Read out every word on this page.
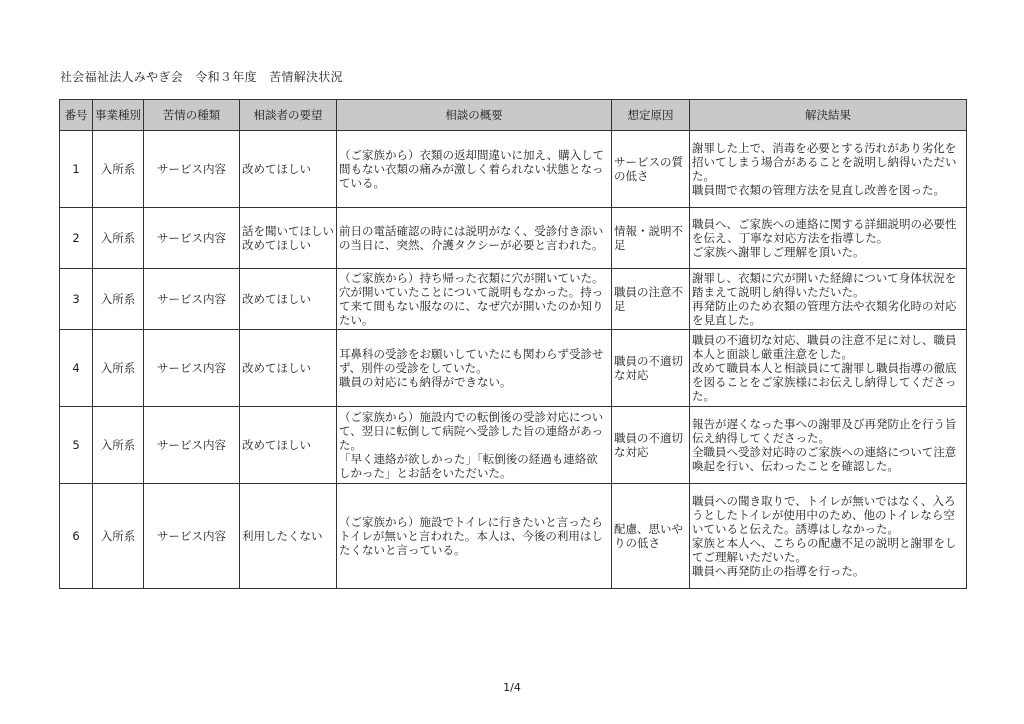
社会福祉法人みやぎ会　令和３年度　苦情解決状況
番号	事業種別	苦情の種類	相談者の要望	相談の概要	想定原因	解決結果
1	入所系	サービス内容	改めてほしい	（ご家族から）衣類の返却間違いに加え、購入して間もない衣類の痛みが激しく着られない状態となっている。	サービスの質の低さ	謝罪した上で、消毒を必要とする汚れがあり劣化を招いてしまう場合があることを説明し納得いただいた。
職員間で衣類の管理方法を見直し改善を図った。
2	入所系	サービス内容	話を聞いてほしい
改めてほしい	前日の電話確認の時には説明がなく、受診付き添いの当日に、突然、介護タクシーが必要と言われた。	情報・説明不足	職員へ、ご家族への連絡に関する詳細説明の必要性を伝え、丁寧な対応方法を指導した。
ご家族へ謝罪しご理解を頂いた。
3	入所系	サービス内容	改めてほしい	（ご家族から）持ち帰った衣類に穴が開いていた。穴が開いていたことについて説明もなかった。持って来て間もない服なのに、なぜ穴が開いたのか知りたい。	職員の注意不足	謝罪し、衣類に穴が開いた経緯について身体状況を踏まえて説明し納得いただいた。
再発防止のため衣類の管理方法や衣類劣化時の対応を見直した。
4	入所系	サービス内容	改めてほしい	耳鼻科の受診をお願いしていたにも関わらず受診せず、別件の受診をしていた。
職員の対応にも納得ができない。	職員の不適切な対応	職員の不適切な対応、職員の注意不足に対し、職員本人と面談し厳重注意をした。
改めて職員本人と相談員にて謝罪し職員指導の徹底を図ることをご家族様にお伝えし納得してくださった。
5	入所系	サービス内容	改めてほしい	（ご家族から）施設内での転倒後の受診対応について、翌日に転倒して病院へ受診した旨の連絡があった。
「早く連絡が欲しかった」「転倒後の経過も連絡欲しかった」とお話をいただいた。	職員の不適切な対応	報告が遅くなった事への謝罪及び再発防止を行う旨伝え納得してくださった。
全職員へ受診対応時のご家族への連絡について注意喚起を行い、伝わったことを確認した。
6	入所系	サービス内容	利用したくない	（ご家族から）施設でトイレに行きたいと言ったらトイレが無いと言われた。本人は、今後の利用はしたくないと言っている。	配慮、思いやりの低さ	職員への聞き取りで、トイレが無いではなく、入ろうとしたトイレが使用中のため、他のトイレなら空いていると伝えた。誘導はしなかった。
家族と本人へ、こちらの配慮不足の説明と謝罪をしてご理解いただいた。
職員へ再発防止の指導を行った。
1/4
